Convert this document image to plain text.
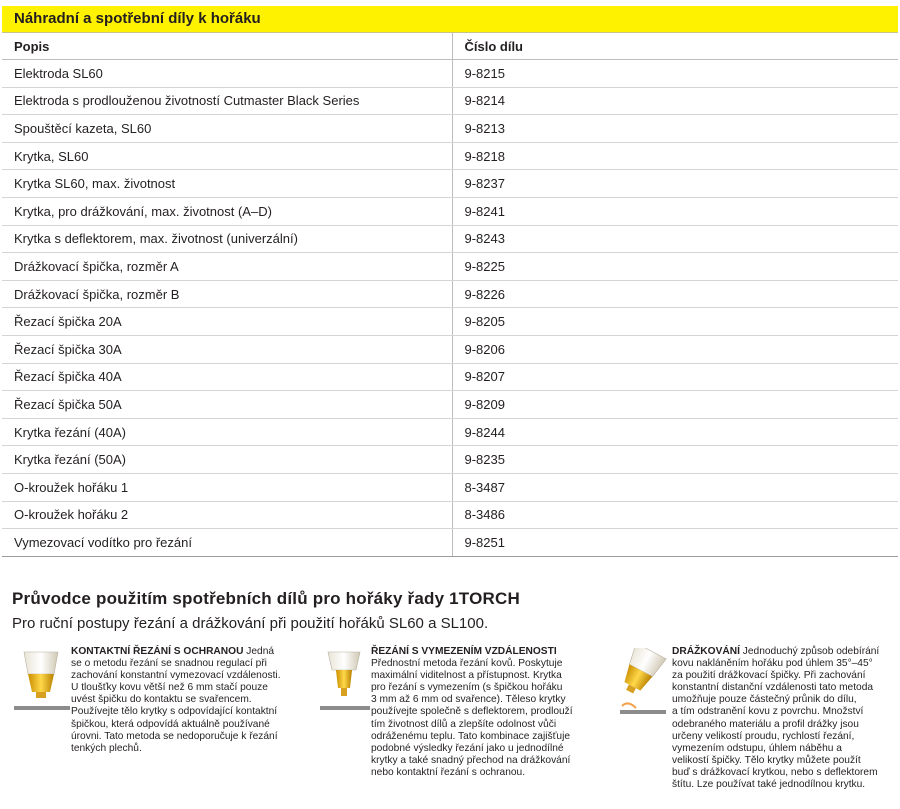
Náhradní a spotřební díly k hořáku
Popis	Číslo dílu
Elektroda SL60	9-8215
Elektroda s prodlouženou životností Cutmaster Black Series	9-8214
Spouštěcí kazeta, SL60	9-8213
Krytka, SL60	9-8218
Krytka SL60, max. životnost	9-8237
Krytka, pro drážkování, max. životnost (A–D)	9-8241
Krytka s deflektorem, max. životnost (univerzální)	9-8243
Drážkovací špička, rozměr A	9-8225
Drážkovací špička, rozměr B	9-8226
Řezací špička 20A	9-8205
Řezací špička 30A	9-8206
Řezací špička 40A	9-8207
Řezací špička 50A	9-8209
Krytka řezání (40A)	9-8244
Krytka řezání (50A)	9-8235
O-kroužek hořáku 1	8-3487
O-kroužek hořáku 2	8-3486
Vymezovací vodítko pro řezání	9-8251
Průvodce použitím spotřebních dílů pro hořáky řady 1TORCH
Pro ruční postupy řezání a drážkování při použití hořáků SL60 a SL100.
KONTAKTNÍ ŘEZÁNÍ S OCHRANOU Jedná
se o metodu řezání se snadnou regulací při
zachování konstantní vymezovací vzdálenosti.
U tloušťky kovu větší než 6 mm stačí pouze
uvést špičku do kontaktu se svařencem.
Používejte tělo krytky s odpovídající kontaktní
špičkou, která odpovídá aktuálně používané
úrovni. Tato metoda se nedoporučuje k řezání
tenkých plechů.
ŘEZÁNÍ S VYMEZENÍM VZDÁLENOSTI
Přednostní metoda řezání kovů. Poskytuje
maximální viditelnost a přístupnost. Krytka
pro řezání s vymezením (s špičkou hořáku
3 mm až 6 mm od svařence). Těleso krytky
používejte společně s deflektorem, prodlouží
tím životnost dílů a zlepšíte odolnost vůči
odráženému teplu. Tato kombinace zajišťuje
podobné výsledky řezání jako u jednodílné
krytky a také snadný přechod na drážkování
nebo kontaktní řezání s ochranou.
DRÁŽKOVÁNÍ Jednoduchý způsob odebírání
kovu nakláněním hořáku pod úhlem 35°–45°
za použití drážkovací špičky. Při zachování
konstantní distanční vzdálenosti tato metoda
umožňuje pouze částečný průnik do dílu,
a tím odstranění kovu z povrchu. Množství
odebraného materiálu a profil drážky jsou
určeny velikostí proudu, rychlostí řezání,
vymezením odstupu, úhlem náběhu a
velikostí špičky. Tělo krytky můžete použít
buď s drážkovací krytkou, nebo s deflektorem
štítu. Lze používat také jednodílnou krytku.
